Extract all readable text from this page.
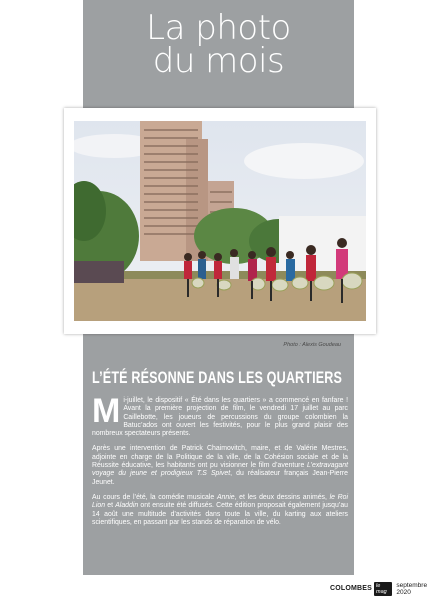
La photo
du mois
Photo : Alexis Goudeau
L’ÉTÉ RÉSONNE DANS LES QUARTIERS

Mi-juillet, le dispositif « Été dans les quartiers » a commencé en fanfare ! Avant la première projection de film, le vendredi 17 juillet au parc Caillebotte, les joueurs de percussions du groupe colombien la Batuc’ados ont ouvert les festivités, pour le plus grand plaisir des nombreux spectateurs présents.

Après une intervention de Patrick Chaimovitch, maire, et de Valérie Mestres, adjointe en charge de la Politique de la ville, de la Cohésion sociale et de la Réussite éducative, les habitants ont pu visionner le film d’aventure L’extravagant voyage du jeune et prodigieux T.S Spivet, du réalisateur français Jean-Pierre Jeunet.

Au cours de l’été, la comédie musicale Annie, et les deux dessins animés, le Roi Lion et Aladdin ont ensuite été diffusés. Cette édition proposait également jusqu’au 14 août une multitude d’activités dans toute la ville, du karting aux ateliers scientifiques, en passant par les stands de réparation de vélo.

COLOMBES le mag
septembre 2020
